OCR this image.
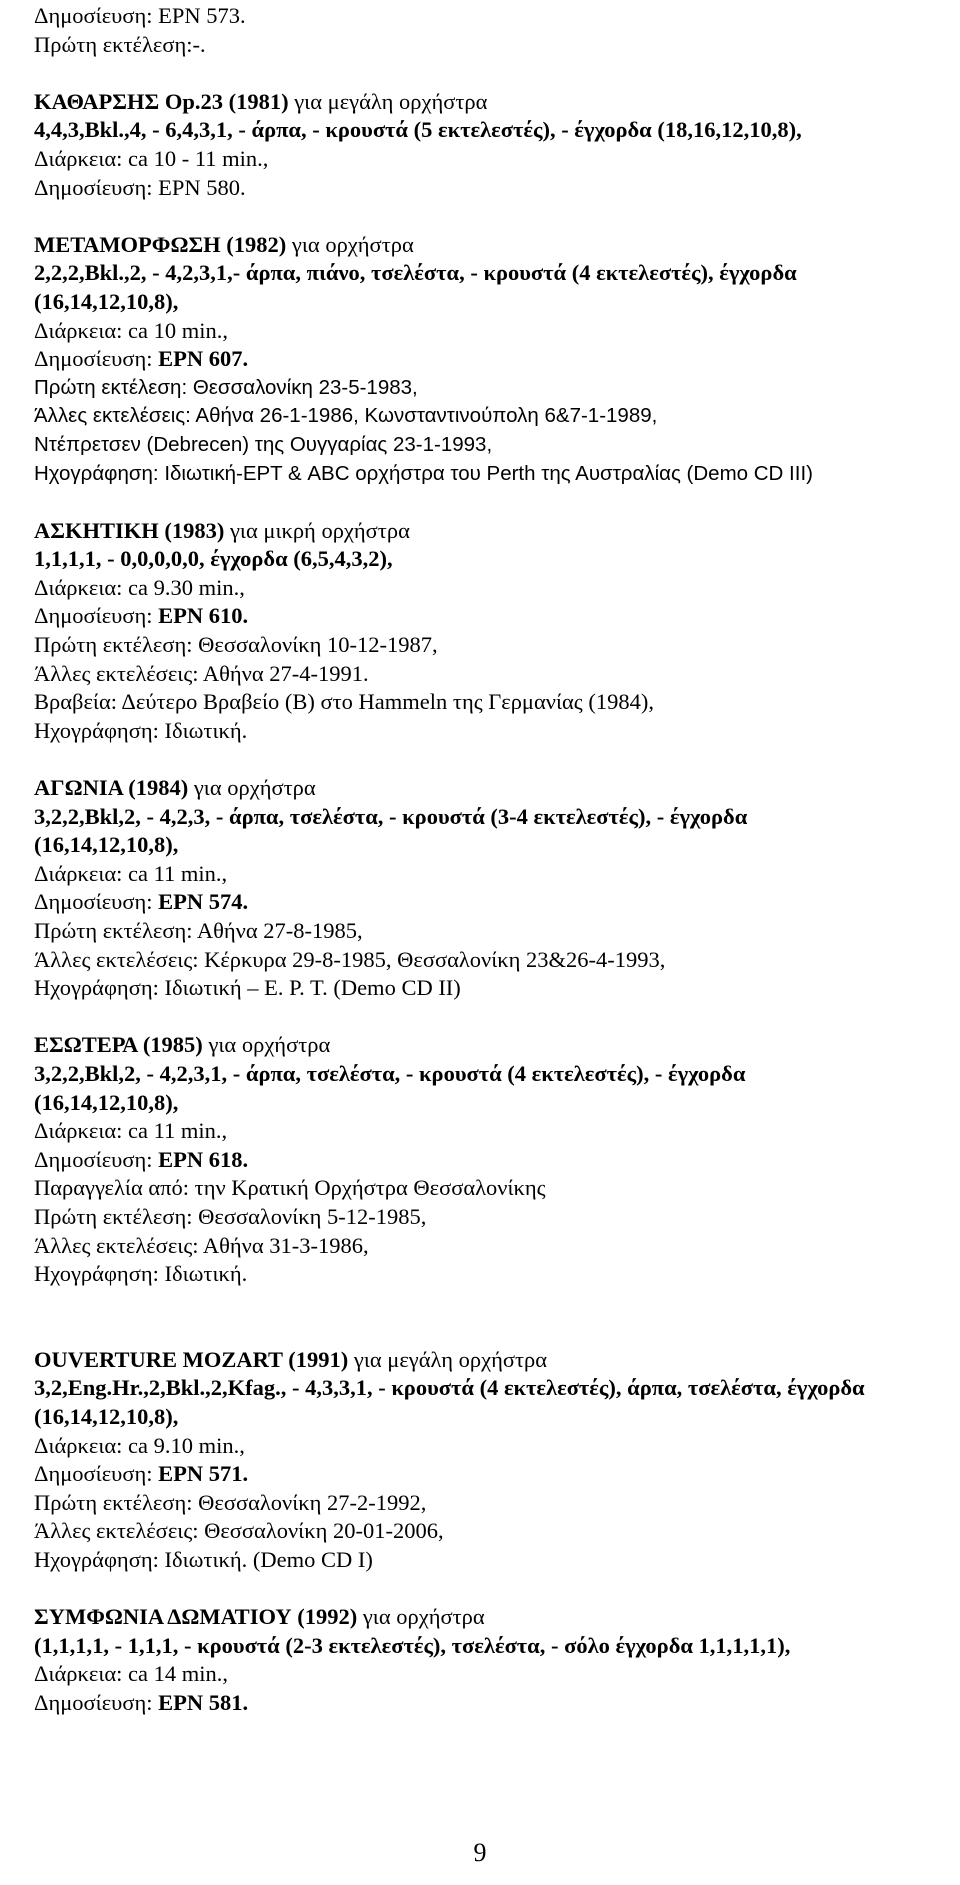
Δημοσίευση: ΕΡΝ 573.
Πρώτη εκτέλεση:-.
ΚΑΘΑΡΣΗΣ Op.23 (1981) για μεγάλη ορχήστρα
4,4,3,Bkl.,4, - 6,4,3,1, - άρπα, - κρουστά (5 εκτελεστές), - έγχορδα (18,16,12,10,8),
Διάρκεια: ca 10 - 11 min.,
Δημοσίευση: ΕΡΝ 580.
ΜΕΤΑΜΟΡΦΩΣΗ (1982) για ορχήστρα
2,2,2,Bkl.,2, - 4,2,3,1,- άρπα, πιάνο, τσελέστα, - κρουστά (4 εκτελεστές), έγχορδα
(16,14,12,10,8),
Διάρκεια: ca 10 min.,
Δημοσίευση: ΕΡΝ 607.
Πρώτη εκτέλεση: Θεσσαλονίκη 23-5-1983,
Άλλες εκτελέσεις: Αθήνα 26-1-1986, Κωνσταντινούπολη 6&7-1-1989,
Ντέπρετσεν (Debrecen) της Ουγγαρίας 23-1-1993,
Ηχογράφηση: Ιδιωτική-ΕΡΤ & ABC ορχήστρα του Perth της Αυστραλίας (Demo CD III)
ΑΣΚΗΤΙΚΗ (1983) για μικρή ορχήστρα
1,1,1,1, - 0,0,0,0,0, έγχορδα (6,5,4,3,2),
Διάρκεια: ca 9.30 min.,
Δημοσίευση: ΕΡΝ 610.
Πρώτη εκτέλεση: Θεσσαλονίκη 10-12-1987,
Άλλες εκτελέσεις: Αθήνα 27-4-1991.
Βραβεία: Δεύτερο Βραβείο (Β) στο Hammeln της Γερμανίας (1984),
Ηχογράφηση: Ιδιωτική.
ΑΓΩΝΙΑ (1984) για ορχήστρα
3,2,2,Bkl,2, - 4,2,3, - άρπα, τσελέστα, - κρουστά (3-4 εκτελεστές), - έγχορδα
(16,14,12,10,8),
Διάρκεια: ca 11 min.,
Δημοσίευση: ΕΡΝ 574.
Πρώτη εκτέλεση: Αθήνα 27-8-1985,
Άλλες εκτελέσεις: Κέρκυρα 29-8-1985, Θεσσαλονίκη 23&26-4-1993,
Ηχογράφηση: Ιδιωτική – Ε. Ρ. Τ. (Demo CD II)
ΕΣΩΤΕΡΑ (1985) για ορχήστρα
3,2,2,Bkl,2, - 4,2,3,1, - άρπα, τσελέστα, - κρουστά (4 εκτελεστές), - έγχορδα
(16,14,12,10,8),
Διάρκεια: ca 11 min.,
Δημοσίευση: ΕΡΝ 618.
Παραγγελία από: την Κρατική Ορχήστρα Θεσσαλονίκης
Πρώτη εκτέλεση: Θεσσαλονίκη 5-12-1985,
Άλλες εκτελέσεις: Αθήνα 31-3-1986,
Ηχογράφηση: Ιδιωτική.
OUVERTURE MOZART (1991) για μεγάλη ορχήστρα
3,2,Eng.Hr.,2,Bkl.,2,Kfag., - 4,3,3,1, - κρουστά (4 εκτελεστές), άρπα, τσελέστα, έγχορδα
(16,14,12,10,8),
Διάρκεια: ca 9.10 min.,
Δημοσίευση: ΕΡΝ 571.
Πρώτη εκτέλεση: Θεσσαλονίκη 27-2-1992,
Άλλες εκτελέσεις: Θεσσαλονίκη 20-01-2006,
Ηχογράφηση: Ιδιωτική. (Demo CD I)
ΣΥΜΦΩΝΙΑ ΔΩΜΑΤΙΟΥ (1992) για ορχήστρα
(1,1,1,1, - 1,1,1, - κρουστά (2-3 εκτελεστές), τσελέστα, - σόλο έγχορδα 1,1,1,1,1),
Διάρκεια: ca 14 min.,
Δημοσίευση: ΕΡΝ 581.
9
